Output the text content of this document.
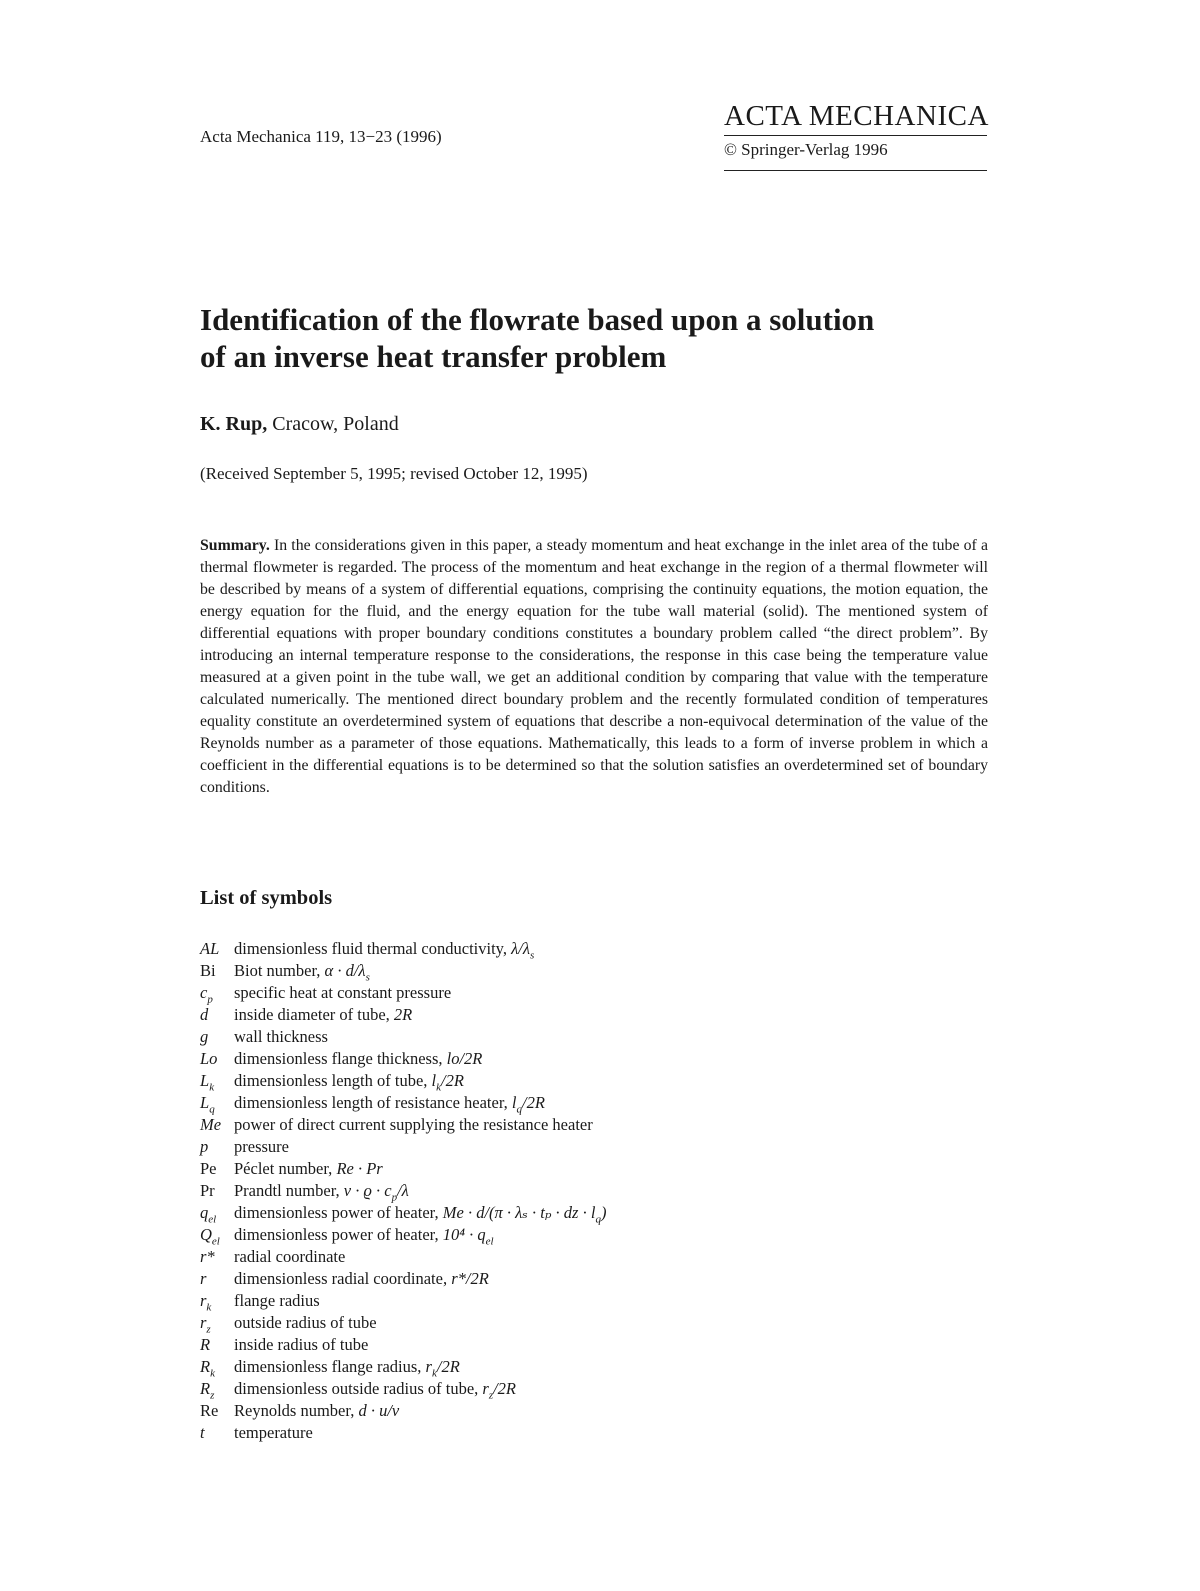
Acta Mechanica 119, 13−23 (1996)
ACTA MECHANICA
© Springer-Verlag 1996
Identification of the flowrate based upon a solution
of an inverse heat transfer problem
K. Rup, Cracow, Poland
(Received September 5, 1995; revised October 12, 1995)
Summary. In the considerations given in this paper, a steady momentum and heat exchange in the inlet area of the tube of a thermal flowmeter is regarded. The process of the momentum and heat exchange in the region of a thermal flowmeter will be described by means of a system of differential equations, comprising the continuity equations, the motion equation, the energy equation for the fluid, and the energy equation for the tube wall material (solid). The mentioned system of differential equations with proper boundary conditions constitutes a boundary problem called “the direct problem”. By introducing an internal temperature response to the considerations, the response in this case being the temperature value measured at a given point in the tube wall, we get an additional condition by comparing that value with the temperature calculated numerically. The mentioned direct boundary problem and the recently formulated condition of temperatures equality constitute an overdetermined system of equations that describe a non-equivocal determination of the value of the Reynolds number as a parameter of those equations. Mathematically, this leads to a form of inverse problem in which a coefficient in the differential equations is to be determined so that the solution satisfies an overdetermined set of boundary conditions.
List of symbols
AL dimensionless fluid thermal conductivity, $\lambda/\lambda_s$
Bi	Biot number, $\alpha \cdot d/\lambda_s$
$c_p$	specific heat at constant pressure
d	inside diameter of tube, 2R
g	wall thickness
Lo	dimensionless flange thickness, lo/2R
$L_k$	dimensionless length of tube, $l_k/2R$
$L_q$	dimensionless length of resistance heater, $l_q/2R$
Me power of direct current supplying the resistance heater
p	pressure
Pe	Péclet number, Re · Pr
Pr	Prandtl number, $v \cdot ϱ \cdot c_p/\lambda$
$q_{el}$	dimensionless power of heater, Me · d/(π · λₛ · tₚ · dz · $l_q$)
$Q_{el}$ dimensionless power of heater, $10^4 \cdot q_{el}$
r*	radial coordinate
r	dimensionless radial coordinate, r*/2R
$r_k$	flange radius
$r_z$	outside radius of tube
R	inside radius of tube
$R_k$	dimensionless flange radius, $r_k/2R$
$R_z$	dimensionless outside radius of tube, $r_z/2R$
Re Reynolds number, d · u/v
t	temperature
